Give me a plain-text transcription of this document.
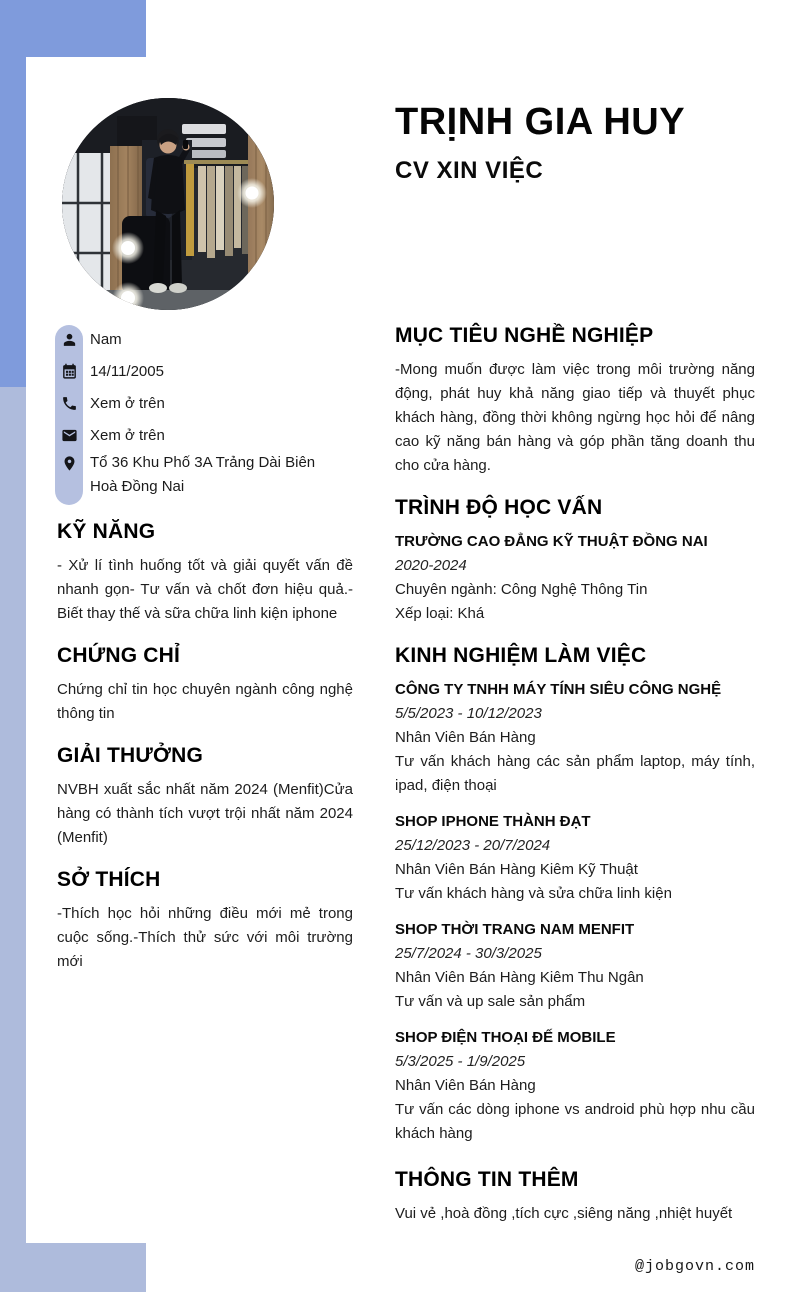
TRỊNH GIA HUY
CV XIN VIỆC
Nam
14/11/2005
Xem ở trên
Xem ở trên
Tổ 36 Khu Phố 3A Trảng Dài Biên Hoà Đồng Nai
KỸ NĂNG

- Xử lí tình huống tốt và giải quyết vấn đề nhanh gọn- Tư vấn và chốt đơn hiệu quả.- Biết thay thế và sữa chữa linh kiện iphone

CHỨNG CHỈ

Chứng chỉ tin học chuyên ngành công nghệ thông tin

GIẢI THƯỞNG

NVBH xuất sắc nhất năm 2024 (Menfit)Cửa hàng có thành tích vượt trội nhất năm 2024 (Menfit)

SỞ THÍCH

-Thích học hỏi những điều mới mẻ trong cuộc sống.-Thích thử sức với môi trường mới

MỤC TIÊU NGHỀ NGHIỆP

-Mong muốn được làm việc trong môi trường năng động, phát huy khả năng giao tiếp và thuyết phục khách hàng, đồng thời không ngừng học hỏi để nâng cao kỹ năng bán hàng và góp phần tăng doanh thu cho cửa hàng.

TRÌNH ĐỘ HỌC VẤN
TRƯỜNG CAO ĐẲNG KỸ THUẬT ĐỒNG NAI
2020-2024
Chuyên ngành: Công Nghệ Thông Tin
Xếp loại: Khá
KINH NGHIỆM LÀM VIỆC
CÔNG TY TNHH MÁY TÍNH SIÊU CÔNG NGHỆ
5/5/2023 - 10/12/2023
Nhân Viên Bán Hàng
Tư vấn khách hàng các sản phẩm laptop, máy tính, ipad, điện thoại
SHOP IPHONE THÀNH ĐẠT
25/12/2023 - 20/7/2024
Nhân Viên Bán Hàng Kiêm Kỹ Thuật
Tư vấn khách hàng và sửa chữa linh kiện
SHOP THỜI TRANG NAM MENFIT
25/7/2024 - 30/3/2025
Nhân Viên Bán Hàng Kiêm Thu Ngân
Tư vấn và up sale sản phẩm
SHOP ĐIỆN THOẠI ĐẾ MOBILE
5/3/2025 - 1/9/2025
Nhân Viên Bán Hàng
Tư vấn các dòng iphone vs android phù hợp nhu cầu khách hàng
THÔNG TIN THÊM

Vui vẻ ,hoà đồng ,tích cực ,siêng năng ,nhiệt huyết

@jobgovn.com
